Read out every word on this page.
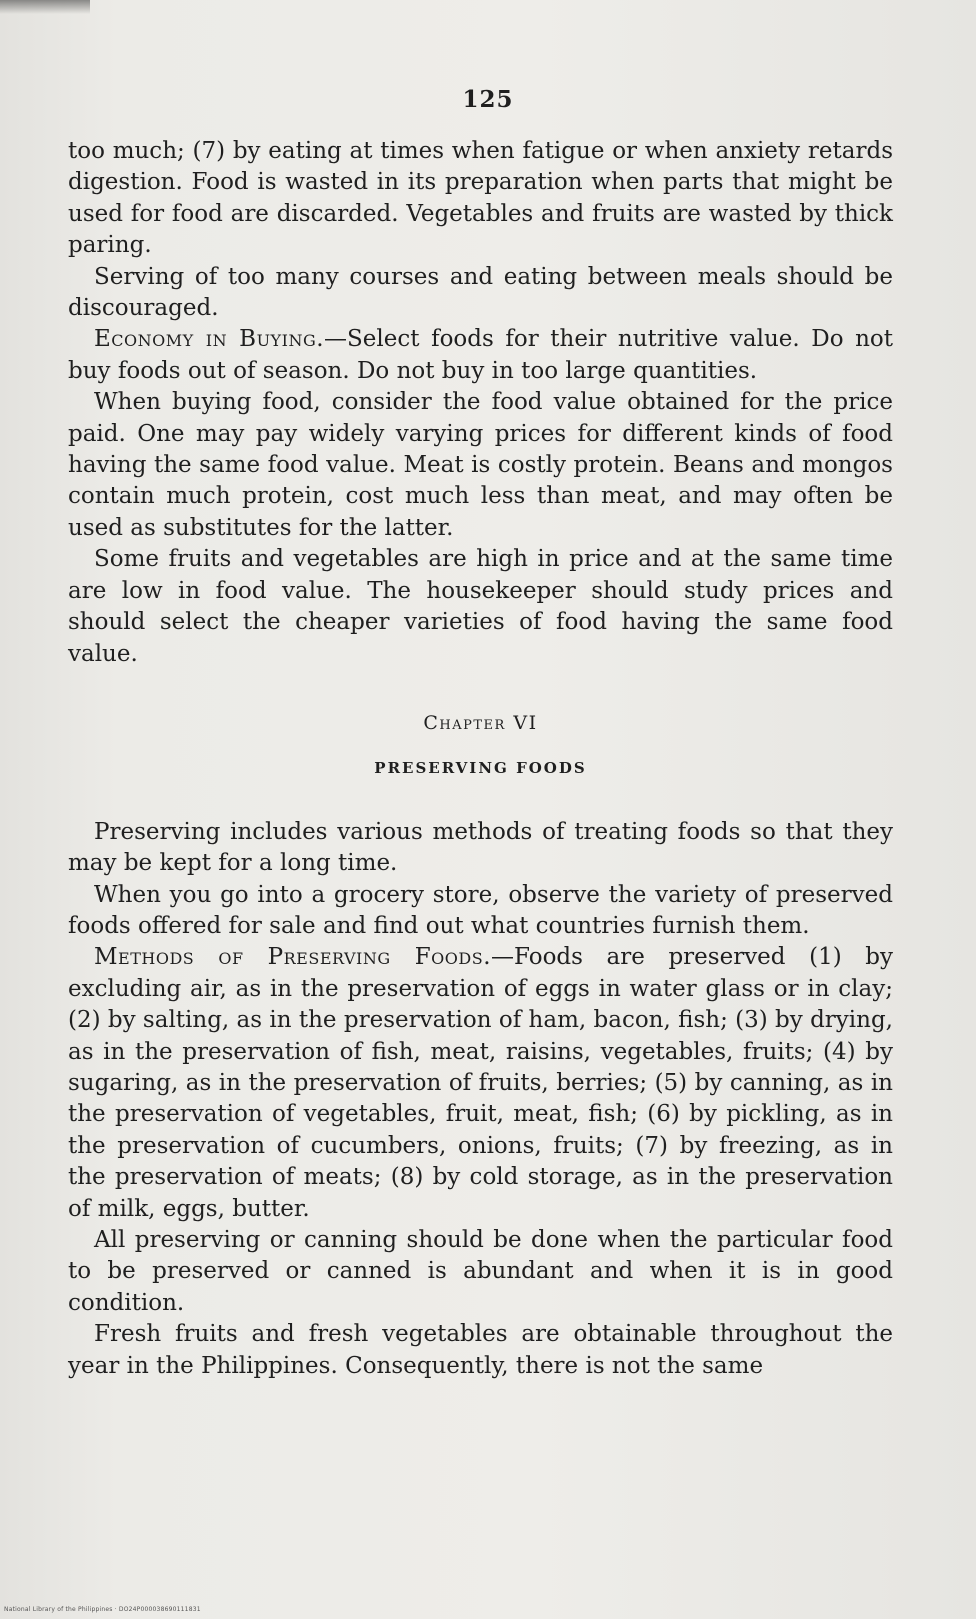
125

too much; (7) by eating at times when fatigue or when anxiety retards digestion. Food is wasted in its preparation when parts that might be used for food are discarded. Vegetables and fruits are wasted by thick paring.

Serving of too many courses and eating between meals should be discouraged.

Economy in Buying.—Select foods for their nutritive value. Do not buy foods out of season. Do not buy in too large quantities.

When buying food, consider the food value obtained for the price paid. One may pay widely varying prices for different kinds of food having the same food value. Meat is costly protein. Beans and mongos contain much protein, cost much less than meat, and may often be used as substitutes for the latter.

Some fruits and vegetables are high in price and at the same time are low in food value. The housekeeper should study prices and should select the cheaper varieties of food having the same food value.

Chapter VI
PRESERVING FOODS

Preserving includes various methods of treating foods so that they may be kept for a long time.

When you go into a grocery store, observe the variety of preserved foods offered for sale and find out what countries furnish them.

Methods of Preserving Foods.—Foods are preserved (1) by excluding air, as in the preservation of eggs in water glass or in clay; (2) by salting, as in the preservation of ham, bacon, fish; (3) by drying, as in the preservation of fish, meat, raisins, vegetables, fruits; (4) by sugaring, as in the preservation of fruits, berries; (5) by canning, as in the preservation of vegetables, fruit, meat, fish; (6) by pickling, as in the preservation of cucumbers, onions, fruits; (7) by freezing, as in the preservation of meats; (8) by cold storage, as in the preservation of milk, eggs, butter.

All preserving or canning should be done when the particular food to be preserved or canned is abundant and when it is in good condition.

Fresh fruits and fresh vegetables are obtainable throughout the year in the Philippines. Consequently, there is not the same

National Library of the Philippines · DO24P000038690111831
